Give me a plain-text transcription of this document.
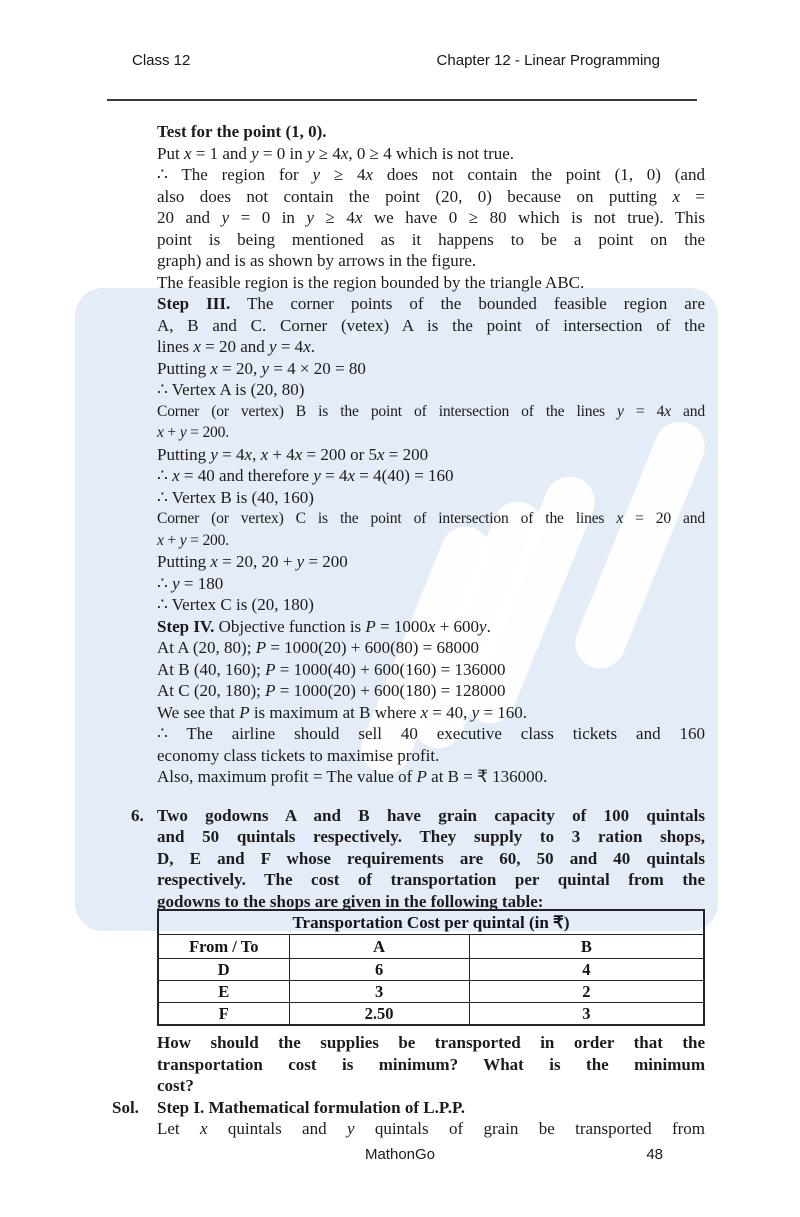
Class 12	Chapter 12 - Linear Programming
Test for the point (1, 0).
Put x = 1 and y = 0 in y ≥ 4x, 0 ≥ 4 which is not true.
∴ The region for y ≥ 4x does not contain the point (1, 0) (and
also does not contain the point (20, 0) because on putting x =
20 and y = 0 in y ≥ 4x we have 0 ≥ 80 which is not true). This
point is being mentioned as it happens to be a point on the
graph) and is as shown by arrows in the figure.
The feasible region is the region bounded by the triangle ABC.
Step III. The corner points of the bounded feasible region are
A, B and C. Corner (vetex) A is the point of intersection of the
lines x = 20 and y = 4x.
Putting x = 20, y = 4 × 20 = 80
∴ Vertex A is (20, 80)
Corner (or vertex) B is the point of intersection of the lines y = 4x and
x + y = 200.
Putting y = 4x, x + 4x = 200 or 5x = 200
∴ x = 40 and therefore y = 4x = 4(40) = 160
∴ Vertex B is (40, 160)
Corner (or vertex) C is the point of intersection of the lines x = 20 and
x + y = 200.
Putting x = 20, 20 + y = 200
∴ y = 180
∴ Vertex C is (20, 180)
Step IV. Objective function is P = 1000x + 600y.
At A (20, 80); P = 1000(20) + 600(80) = 68000
At B (40, 160); P = 1000(40) + 600(160) = 136000
At C (20, 180); P = 1000(20) + 600(180) = 128000
We see that P is maximum at B where x = 40, y = 160.
∴ The airline should sell 40 executive class tickets and 160
economy class tickets to maximise profit.
Also, maximum profit = The value of P at B = ₹ 136000.
6. Two godowns A and B have grain capacity of 100 quintals
and 50 quintals respectively. They supply to 3 ration shops,
D, E and F whose requirements are 60, 50 and 40 quintals
respectively. The cost of transportation per quintal from the
godowns to the shops are given in the following table:
Transportation Cost per quintal (in ₹)		
From / To	A	B
D	6	4
E	3	2
F	2.50	3
How should the supplies be transported in order that the
transportation cost is minimum? What is the minimum
cost?
Sol. Step I. Mathematical formulation of L.P.P.
Let x quintals and y quintals of grain be transported from
MathonGo	48
